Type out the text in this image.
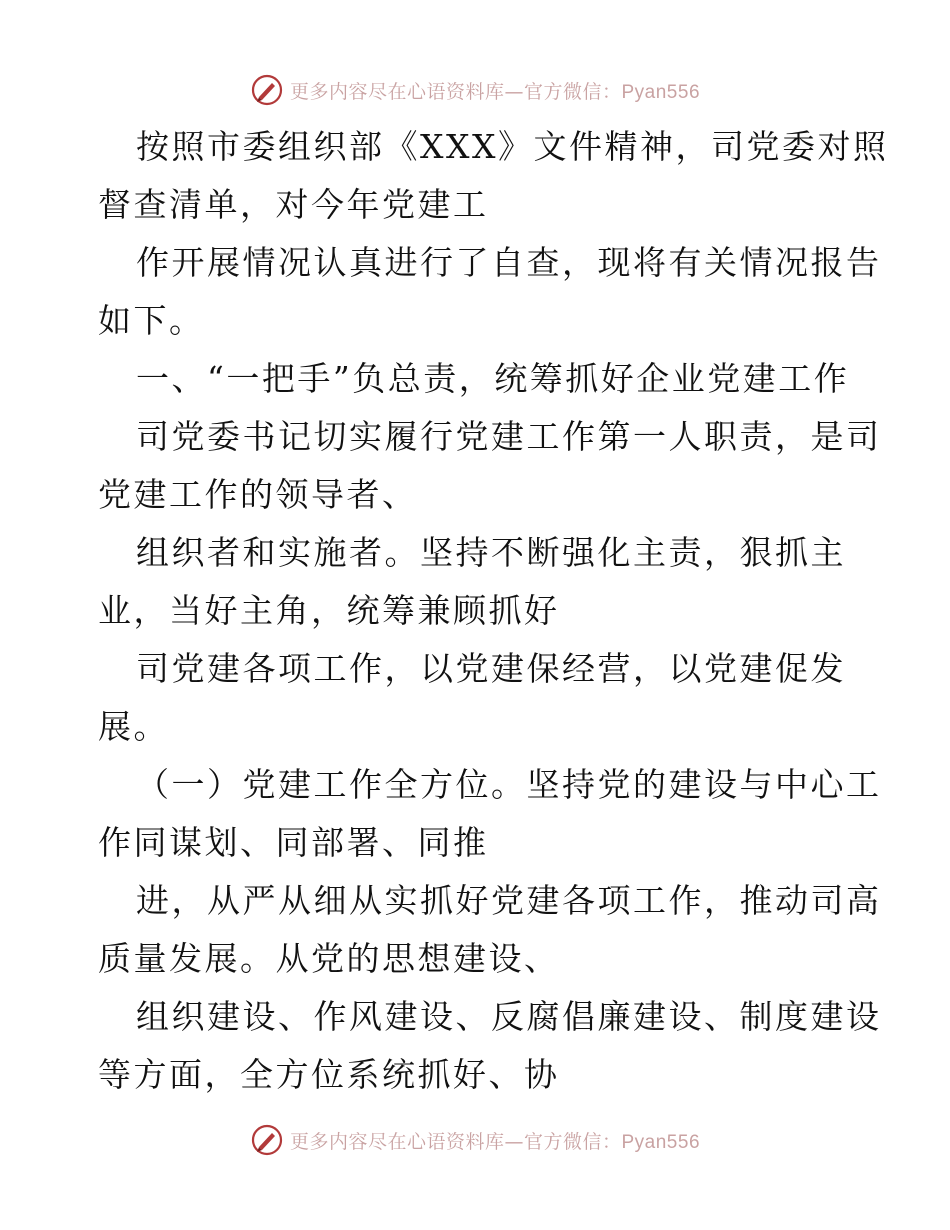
更多内容尽在心语资料库—官方微信：Pyan556

按照市委组织部《XXX》文件精神，司党委对照
督查清单，对今年党建工

作开展情况认真进行了自查，现将有关情况报告
如下。

一、“一把手”负总责，统筹抓好企业党建工作

司党委书记切实履行党建工作第一人职责，是司
党建工作的领导者、

组织者和实施者。坚持不断强化主责，狠抓主
业，当好主角，统筹兼顾抓好

司党建各项工作，以党建保经营，以党建促发
展。

（一）党建工作全方位。坚持党的建设与中心工
作同谋划、同部署、同推

进，从严从细从实抓好党建各项工作，推动司高
质量发展。从党的思想建设、

组织建设、作风建设、反腐倡廉建设、制度建设
等方面，全方位系统抓好、协

更多内容尽在心语资料库—官方微信：Pyan556
